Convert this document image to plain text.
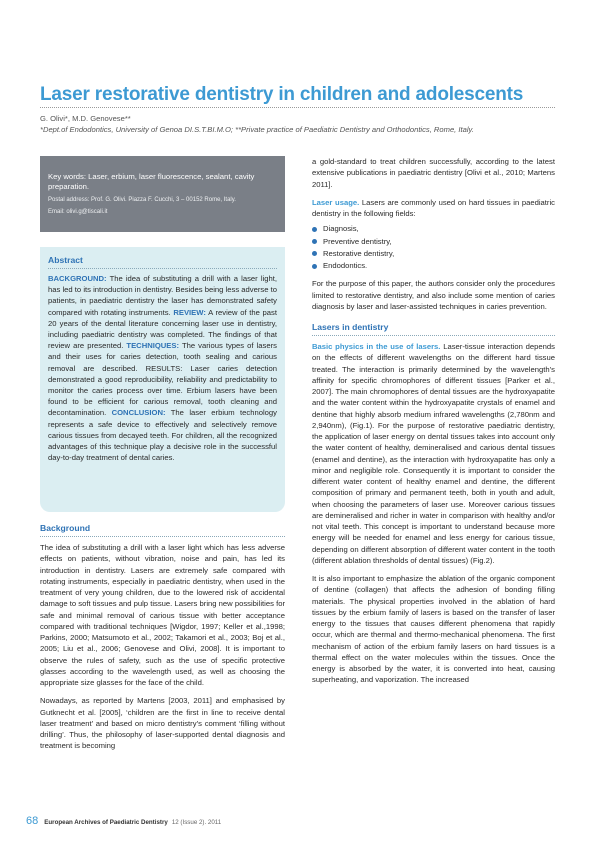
Laser restorative dentistry in children and adolescents
G. Olivi*, M.D. Genovese**
*Dept.of Endodontics, University of Genoa DI.S.T.BI.M.O; **Private practice of Paediatric Dentistry and Orthodontics, Rome, Italy.
Key words: Laser, erbium, laser fluorescence, sealant, cavity preparation.
Postal address: Prof. G. Olivi. Piazza F. Cucchi, 3 – 00152 Rome, Italy.
Email: olivi.g@tiscali.it
Abstract

BACKGROUND: The idea of substituting a drill with a laser light, has led to its introduction in dentistry. Besides being less adverse to patients, in paediatric dentistry the laser has demonstrated safety compared with rotating instruments. REVIEW: A review of the past 20 years of the dental literature concerning laser use in dentistry, including paediatric dentistry was completed. The findings of that review are presented. TECHNIQUES: The various types of lasers and their uses for caries detection, tooth sealing and carious removal are described. RESULTS: Laser caries detection demonstrated a good reproducibility, reliability and predictability to monitor the caries process over time. Erbium lasers have been found to be efficient for carious removal, tooth cleaning and decontamination. CONCLUSION: The laser erbium technology represents a safe device to effectively and selectively remove carious tissues from decayed teeth. For children, all the recognized advantages of this technique play a decisive role in the successful day-to-day treatment of dental caries.

Background

The idea of substituting a drill with a laser light which has less adverse effects on patients, without vibration, noise and pain, has led its introduction in dentistry. Lasers are extremely safe compared with rotating instruments, especially in paediatric dentistry, when used in the treatment of very young children, due to the lowered risk of accidental damage to soft tissues and pulp tissue. Lasers bring new possibilities for safe and minimal removal of carious tissue with better acceptance compared with traditional techniques [Wigdor, 1997; Keller et al.,1998; Parkins, 2000; Matsumoto et al., 2002; Takamori et al., 2003; Boj et al., 2005; Liu et al., 2006; Genovese and Olivi, 2008]. It is important to observe the rules of safety, such as the use of specific protective glasses according to the wavelength used, as well as choosing the appropriate size glasses for the face of the child.

Nowadays, as reported by Martens [2003, 2011] and emphasised by Gutknecht et al. [2005], ‘children are the first in line to receive dental laser treatment’ and based on micro dentistry’s comment ‘filling without drilling’. Thus, the philosophy of laser-supported dental diagnosis and treatment is becoming

a gold-standard to treat children successfully, according to the latest extensive publications in paediatric dentistry [Olivi et al., 2010; Martens 2011].

Laser usage. Lasers are commonly used on hard tissues in paediatric dentistry in the following fields:

Diagnosis,
Preventive dentistry,
Restorative dentistry,
Endodontics.

For the purpose of this paper, the authors consider only the procedures limited to restorative dentistry, and also include some mention of caries diagnosis by laser and laser-assisted techniques in caries prevention.

Lasers in dentistry

Basic physics in the use of lasers. Laser-tissue interaction depends on the effects of different wavelengths on the different hard tissue treated. The interaction is primarily determined by the wavelength’s affinity for specific chromophores of different tissues [Parker et al., 2007]. The main chromophores of dental tissues are the hydroxyapatite and the water content within the hydroxyapatite crystals of enamel and dentine that highly absorb medium infrared wavelengths (2,780nm and 2,940nm), (Fig.1). For the purpose of restorative paediatric dentistry, the application of laser energy on dental tissues takes into account only the water content of healthy, demineralised and carious dental tissues (enamel and dentine), as the interaction with hydroxyapatite has only a minor and negligible role. Consequently it is important to consider the different water content of healthy enamel and dentine, the different composition of primary and permanent teeth, both in youth and adult, when choosing the parameters of laser use. Moreover carious tissues are demineralised and richer in water in comparison with healthy and/or not vital teeth. This concept is important to understand because more energy will be needed for enamel and less energy for carious tissue, depending on different absorption of different water content in the tooth (different ablation thresholds of dental tissues) (Fig.2).

It is also important to emphasize the ablation of the organic component of dentine (collagen) that affects the adhesion of bonding filling materials. The physical properties involved in the ablation of hard tissues by the erbium family of lasers is based on the transfer of laser energy to the tissues that causes different phenomena that rapidly occur, which are thermal and thermo-mechanical phenomena. The first mechanism of action of the erbium family lasers on hard tissues is a thermal effect on the water molecules within the tissues. Once the energy is absorbed by the water, it is converted into heat, causing superheating, and vaporization. The increased

68 European Archives of Paediatric Dentistry 12 (Issue 2). 2011
